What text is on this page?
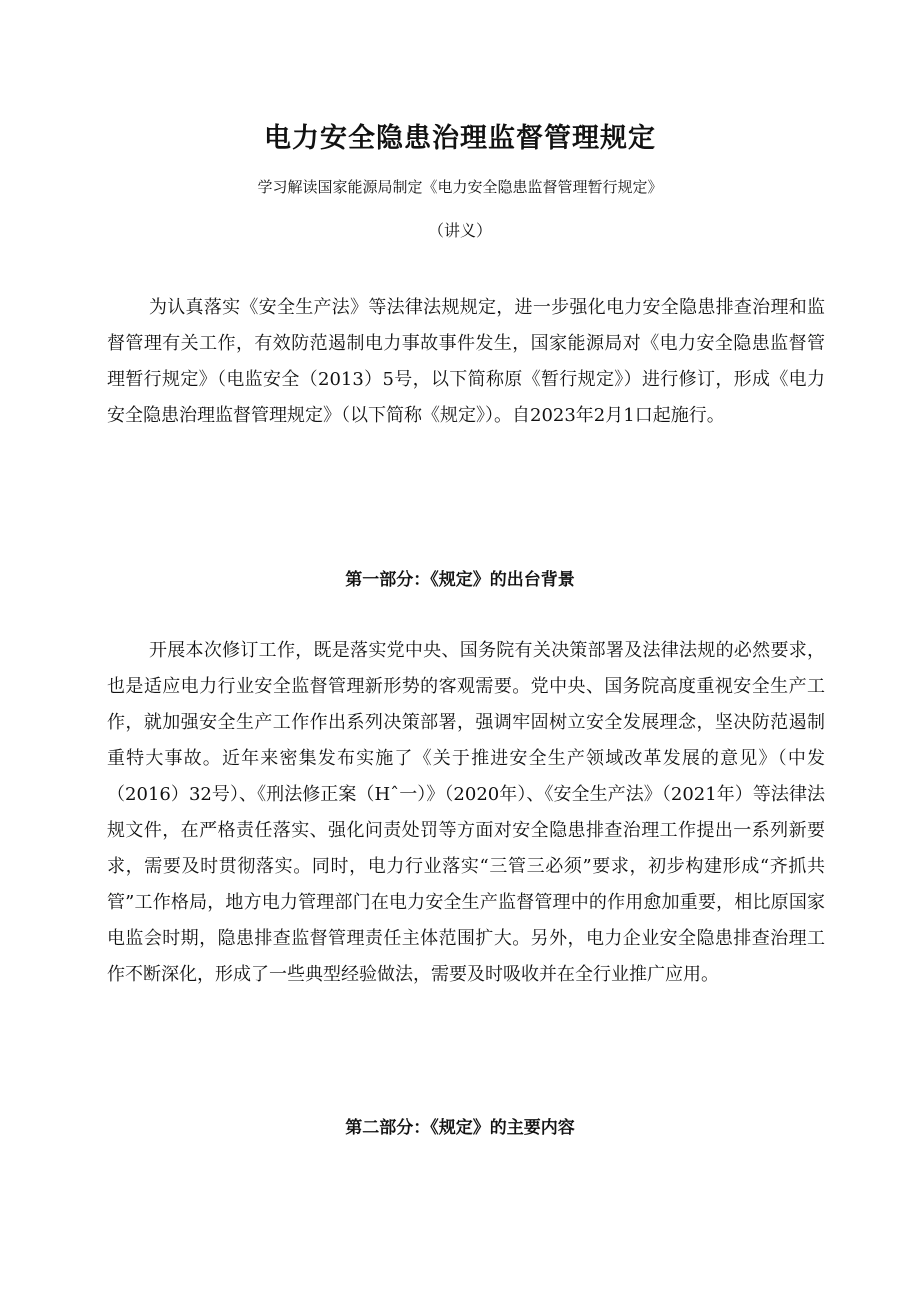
电力安全隐患治理监督管理规定

学习解读国家能源局制定《电力安全隐患监督管理暂行规定》

（讲义）

为认真落实《安全生产法》等法律法规规定，进一步强化电力安全隐患排查治理和监督管理有关工作，有效防范遏制电力事故事件发生，国家能源局对《电力安全隐患监督管理暂行规定》（电监安全（2013）5号，以下简称原《暂行规定》）进行修订，形成《电力安全隐患治理监督管理规定》（以下简称《规定》）。自2023年2月1口起施行。

第一部分：《规定》的出台背景

开展本次修订工作，既是落实党中央、国务院有关决策部署及法律法规的必然要求，也是适应电力行业安全监督管理新形势的客观需要。党中央、国务院高度重视安全生产工作，就加强安全生产工作作出系列决策部署，强调牢固树立安全发展理念，坚决防范遏制重特大事故。近年来密集发布实施了《关于推进安全生产领域改革发展的意见》（中发（2016）32号）、《刑法修正案（Hˆ一）》（2020年）、《安全生产法》（2021年）等法律法规文件，在严格责任落实、强化问责处罚等方面对安全隐患排查治理工作提出一系列新要求，需要及时贯彻落实。同时，电力行业落实“三管三必须”要求，初步构建形成“齐抓共管”工作格局，地方电力管理部门在电力安全生产监督管理中的作用愈加重要，相比原国家电监会时期，隐患排查监督管理责任主体范围扩大。另外，电力企业安全隐患排查治理工作不断深化，形成了一些典型经验做法，需要及时吸收并在全行业推广应用。

第二部分：《规定》的主要内容
